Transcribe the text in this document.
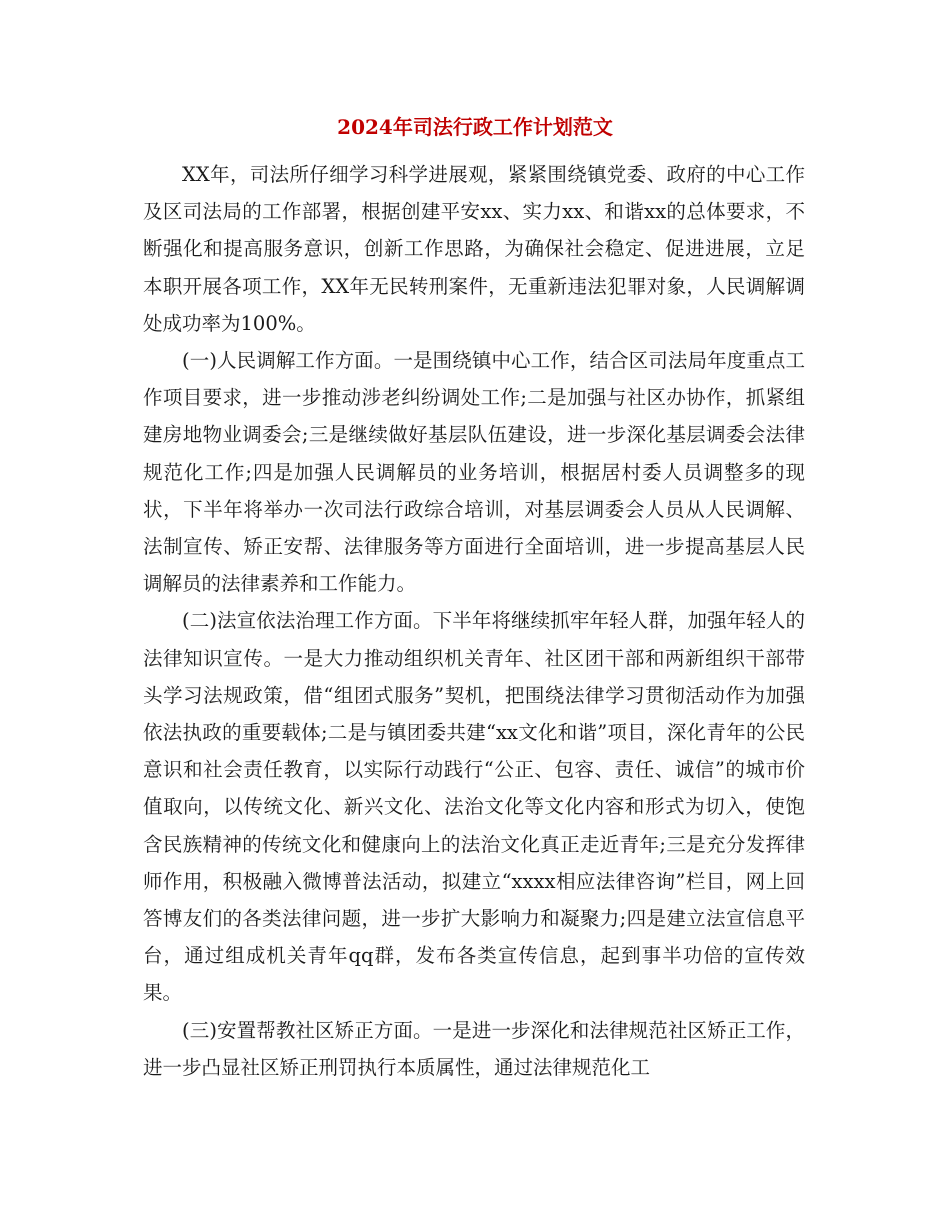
2024年司法行政工作计划范文

XX年，司法所仔细学习科学进展观，紧紧围绕镇党委、政府的中心工作及区司法局的工作部署，根据创建平安xx、实力xx、和谐xx的总体要求，不断强化和提高服务意识，创新工作思路，为确保社会稳定、促进进展，立足本职开展各项工作，XX年无民转刑案件，无重新违法犯罪对象，人民调解调处成功率为100%。

(一)人民调解工作方面。一是围绕镇中心工作，结合区司法局年度重点工作项目要求，进一步推动涉老纠纷调处工作;二是加强与社区办协作，抓紧组建房地物业调委会;三是继续做好基层队伍建设，进一步深化基层调委会法律规范化工作;四是加强人民调解员的业务培训，根据居村委人员调整多的现状，下半年将举办一次司法行政综合培训，对基层调委会人员从人民调解、法制宣传、矫正安帮、法律服务等方面进行全面培训，进一步提高基层人民调解员的法律素养和工作能力。

(二)法宣依法治理工作方面。下半年将继续抓牢年轻人群，加强年轻人的法律知识宣传。一是大力推动组织机关青年、社区团干部和两新组织干部带头学习法规政策，借“组团式服务”契机，把围绕法律学习贯彻活动作为加强依法执政的重要载体;二是与镇团委共建“xx文化和谐”项目，深化青年的公民意识和社会责任教育，以实际行动践行“公正、包容、责任、诚信”的城市价值取向，以传统文化、新兴文化、法治文化等文化内容和形式为切入，使饱含民族精神的传统文化和健康向上的法治文化真正走近青年;三是充分发挥律师作用，积极融入微博普法活动，拟建立“xxxx相应法律咨询”栏目，网上回答博友们的各类法律问题，进一步扩大影响力和凝聚力;四是建立法宣信息平台，通过组成机关青年qq群，发布各类宣传信息，起到事半功倍的宣传效果。

(三)安置帮教社区矫正方面。一是进一步深化和法律规范社区矫正工作，进一步凸显社区矫正刑罚执行本质属性，通过法律规范化工
